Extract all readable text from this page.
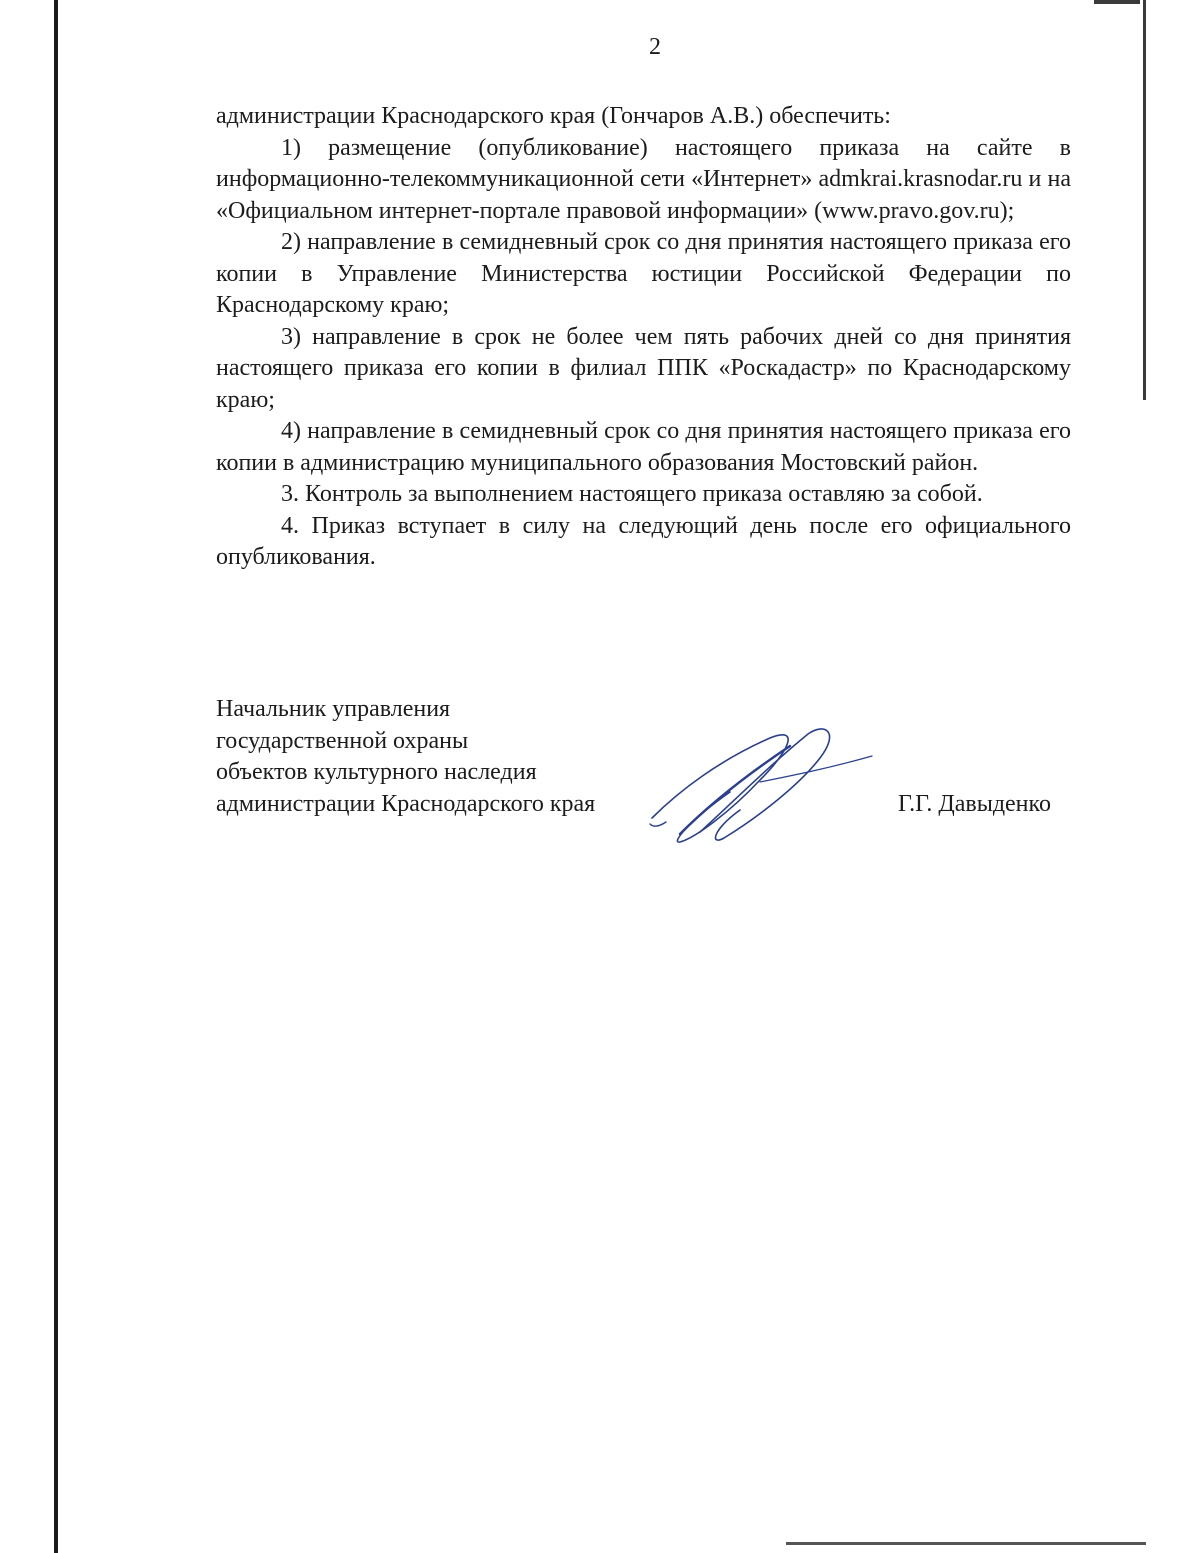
2

администрации Краснодарского края (Гончаров А.В.) обеспечить:

1) размещение (опубликование) настоящего приказа на сайте в информационно-телекоммуникационной сети «Интернет» admkrai.krasnodar.ru и на «Официальном интернет-портале правовой информации» (www.pravo.gov.ru);

2) направление в семидневный срок со дня принятия настоящего приказа его копии в Управление Министерства юстиции Российской Федерации по Краснодарскому краю;

3) направление в срок не более чем пять рабочих дней со дня принятия настоящего приказа его копии в филиал ППК «Роскадастр» по Краснодарскому краю;

4) направление в семидневный срок со дня принятия настоящего приказа его копии в администрацию муниципального образования Мостовский район.

3. Контроль за выполнением настоящего приказа оставляю за собой.

4. Приказ вступает в силу на следующий день после его официального опубликования.

Начальник управления
государственной охраны
объектов культурного наследия
администрации Краснодарского края	Г.Г. Давыденко
